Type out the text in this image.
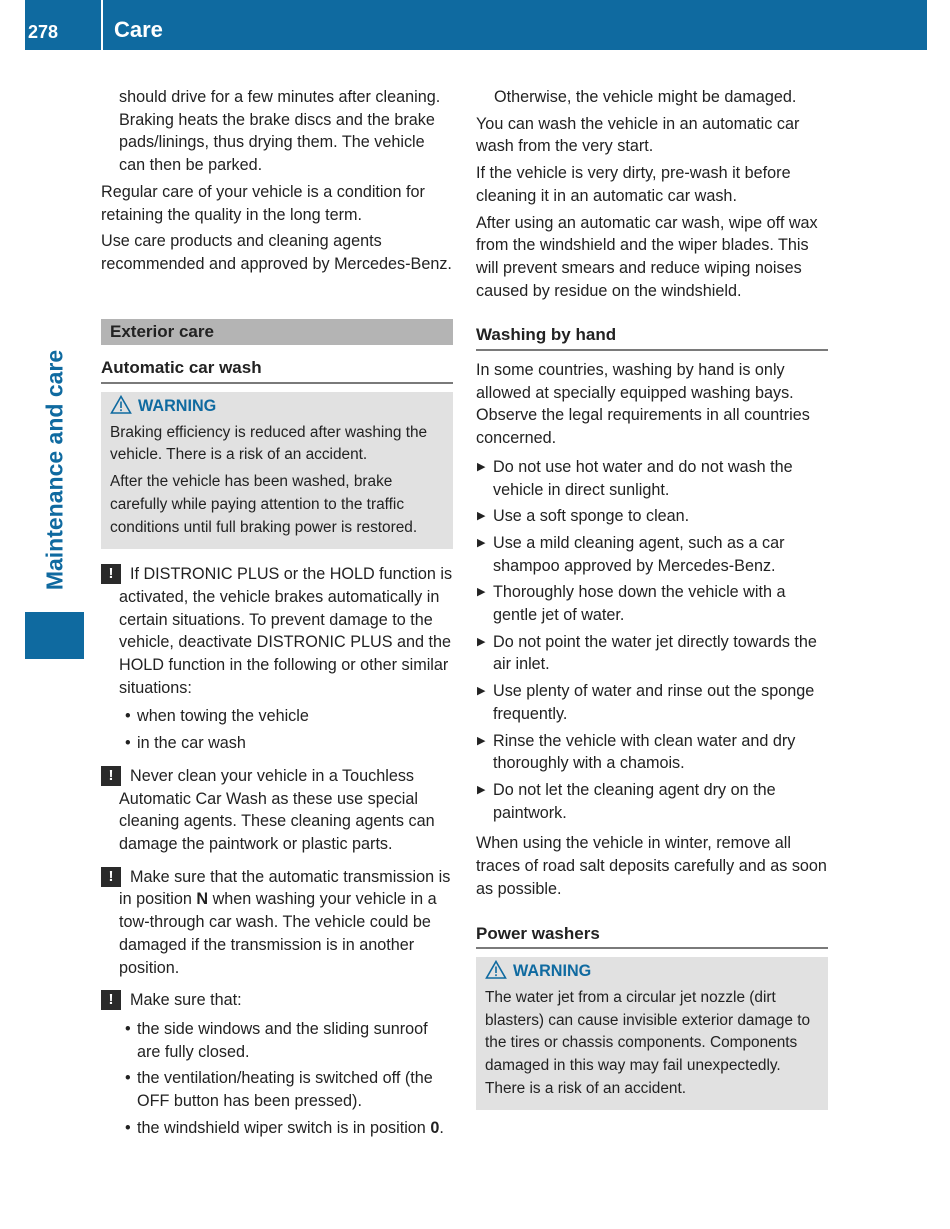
278	Care
Maintenance and care

should drive for a few minutes after cleaning. Braking heats the brake discs and the brake pads/linings, thus drying them. The vehicle can then be parked.

Regular care of your vehicle is a condition for retaining the quality in the long term.

Use care products and cleaning agents recommended and approved by Mercedes-Benz.

Exterior care
Automatic car wash
WARNING

Braking efficiency is reduced after washing the vehicle. There is a risk of an accident.

After the vehicle has been washed, brake carefully while paying attention to the traffic conditions until full braking power is restored.

!	If DISTRONIC PLUS or the HOLD function is activated, the vehicle brakes automatically in certain situations. To prevent damage to the vehicle, deactivate DISTRONIC PLUS and the HOLD function in the following or other similar situations:
• when towing the vehicle
• in the car wash
!	Never clean your vehicle in a Touchless Automatic Car Wash as these use special cleaning agents. These cleaning agents can damage the paintwork or plastic parts.
!	Make sure that the automatic transmission is in position N when washing your vehicle in a tow-through car wash. The vehicle could be damaged if the transmission is in another position.
!	Make sure that:
• the side windows and the sliding sunroof are fully closed.
• the ventilation/heating is switched off (the OFF button has been pressed).
• the windshield wiper switch is in position 0.

Otherwise, the vehicle might be damaged.

You can wash the vehicle in an automatic car wash from the very start.

If the vehicle is very dirty, pre-wash it before cleaning it in an automatic car wash.

After using an automatic car wash, wipe off wax from the windshield and the wiper blades. This will prevent smears and reduce wiping noises caused by residue on the windshield.

Washing by hand

In some countries, washing by hand is only allowed at specially equipped washing bays. Observe the legal requirements in all countries concerned.

▶ Do not use hot water and do not wash the vehicle in direct sunlight.
▶ Use a soft sponge to clean.
▶ Use a mild cleaning agent, such as a car shampoo approved by Mercedes-Benz.
▶ Thoroughly hose down the vehicle with a gentle jet of water.
▶ Do not point the water jet directly towards the air inlet.
▶ Use plenty of water and rinse out the sponge frequently.
▶ Rinse the vehicle with clean water and dry thoroughly with a chamois.
▶ Do not let the cleaning agent dry on the paintwork.

When using the vehicle in winter, remove all traces of road salt deposits carefully and as soon as possible.

Power washers
WARNING

The water jet from a circular jet nozzle (dirt blasters) can cause invisible exterior damage to the tires or chassis components. Components damaged in this way may fail unexpectedly. There is a risk of an accident.
